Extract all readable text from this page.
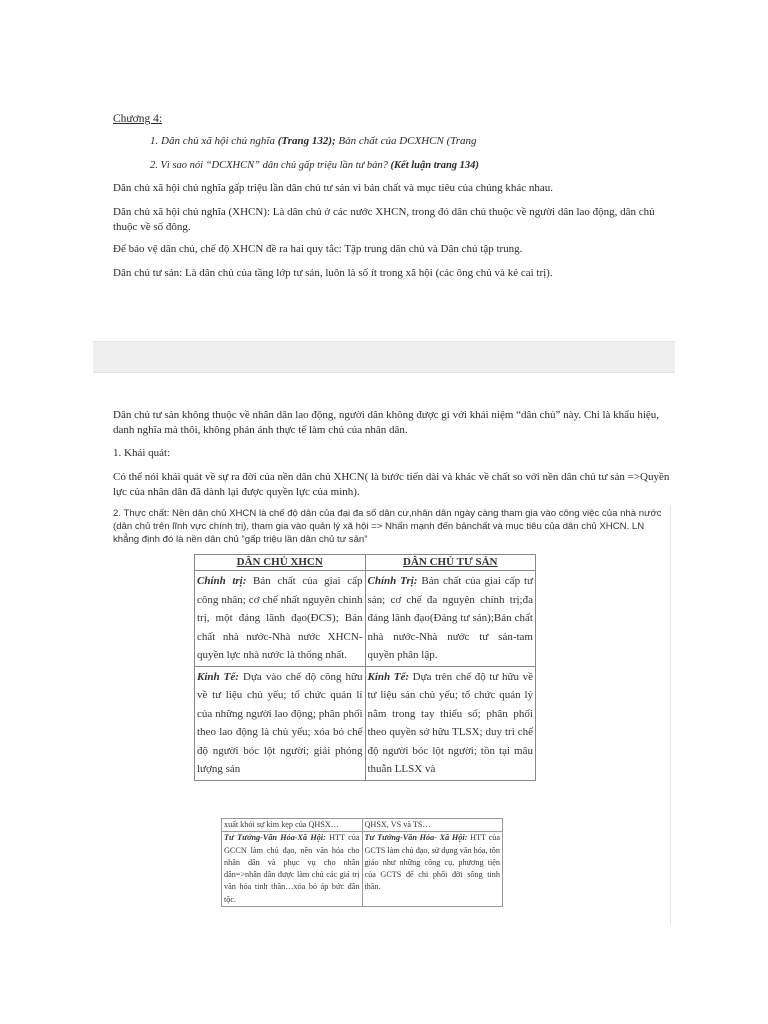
Chương 4:
1. Dân chủ xã hội chủ nghĩa (Trang 132); Bản chất của DCXHCN (Trang
2. Vì sao nói “DCXHCN” dân chủ gấp triệu lần tư bản? (Kết luận trang 134)

Dân chủ xã hội chủ nghĩa gấp triệu lần dân chủ tư sản vì bản chất và mục tiêu của chúng khác nhau.

Dân chủ xã hội chủ nghĩa (XHCN): Là dân chủ ở các nước XHCN, trong đó dân chủ thuộc về người dân lao động, dân chủ thuộc về số đông.

Để bảo vệ dân chủ, chế độ XHCN đề ra hai quy tắc: Tập trung dân chủ và Dân chủ tập trung.

Dân chủ tư sản: Là dân chủ của tầng lớp tư sản, luôn là số ít trong xã hội (các ông chủ và kẻ cai trị).

Dân chủ tư sản không thuộc về nhân dân lao động, người dân không được gì với khái niệm “dân chủ” này. Chỉ là khẩu hiệu, danh nghĩa mà thôi, không phản ánh thực tế làm chủ của nhân dân.

1. Khái quát:

Có thể nói khái quát về sự ra đời của nền dân chủ XHCN( là bước tiến dài và khác về chất so với nền dân chủ tư sản =>Quyền lực của nhân dân đã dành lại được quyền lực của mình).

2. Thực chất: Nền dân chủ XHCN là chế độ dân của đại đa số dân cư,nhân dân ngày càng tham gia vào công việc của nhà nước (dân chủ trên lĩnh vực chính trị), tham gia vào quản lý xã hội => Nhấn mạnh đến bảnchất và mục tiêu của dân chủ XHCN. LN khẳng định đó là nền dân chủ “gấp triệu lần dân chủ tư sản”

DÂN CHỦ XHCN	DÂN CHỦ TƯ SẢN
Chính trị: Bản chất của giai cấp công nhân; cơ chế nhất nguyên chính trị, một đảng lãnh đạo(ĐCS); Bản chất nhà nước-Nhà nước XHCN- quyền lực nhà nước là thống nhất.	Chính Trị: Bản chất của giai cấp tư sản; cơ chế đa nguyên chính trị;đa đảng lãnh đạo(Đảng tư sản);Bản chất nhà nước-Nhà nước tư sản-tam quyền phân lập.
Kinh Tế: Dựa vào chế độ công hữu về tư liệu chủ yếu; tổ chức quản lí của những người lao động; phân phối theo lao động là chủ yếu; xóa bỏ chế độ người bóc lột người; giải phóng lượng sản	Kinh Tế: Dựa trên chế độ tư hữu về tư liệu sản chủ yếu; tổ chức quản lý nằm trong tay thiểu số; phân phối theo quyền sở hữu TLSX; duy trì chế độ người bóc lột người; tồn tại mâu thuẫn LLSX và
xuất khỏi sự kìm kẹp của QHSX…	QHSX, VS và TS…
Tư Tưởng-Văn Hóa-Xã Hội: HTT của GCCN làm chủ đạo, nền văn hóa cho nhân dân và phục vụ cho nhân dân=>nhân dân được làm chủ các giá trị văn hóa tinh thần…xóa bỏ áp bức dân tộc.	Tư Tưởng-Văn Hóa- Xã Hội: HTT của GCTS làm chủ đạo, sử dụng văn hóa, tôn giáo như những công cụ, phương tiện của GCTS để chi phối đời sống tinh thần.
